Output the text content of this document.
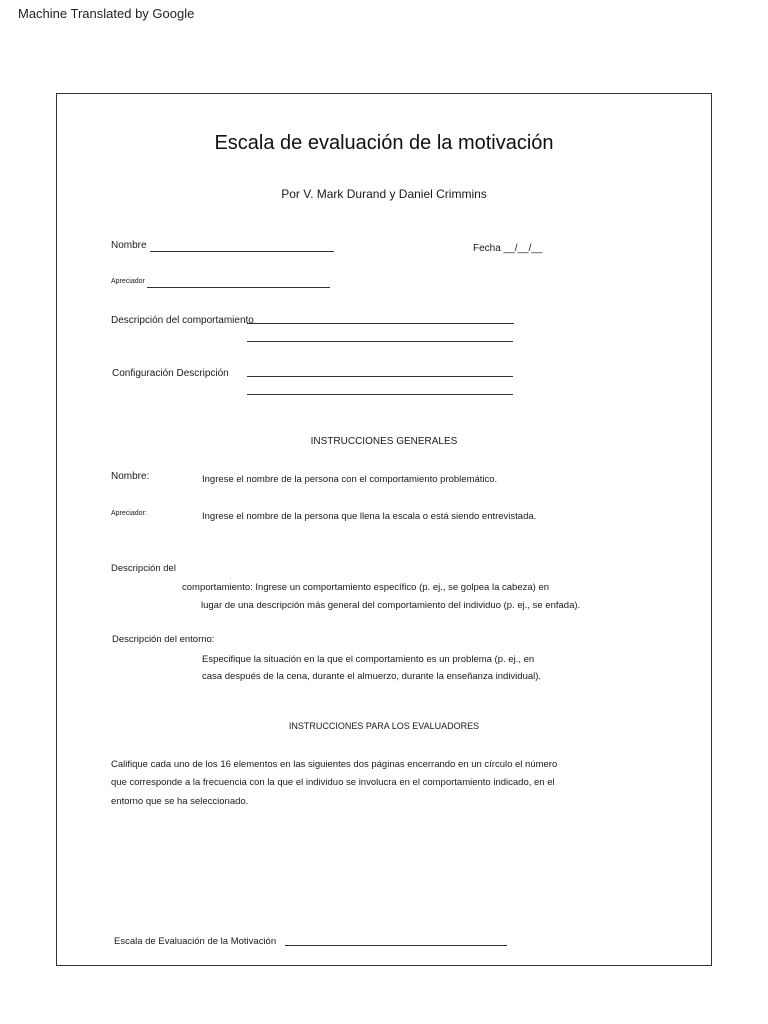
Machine Translated by Google
Escala de evaluación de la motivación
Por V. Mark Durand y Daniel Crimmins
Nombre	Fecha __/__/__
Apreciador
Descripción del comportamiento
Configuración Descripción
INSTRUCCIONES GENERALES
Nombre:	Ingrese el nombre de la persona con el comportamiento problemático.
Apreciador:	Ingrese el nombre de la persona que llena la escala o está siendo entrevistada.
Descripción del
comportamiento: Ingrese un comportamiento específico (p. ej., se golpea la cabeza) en
lugar de una descripción más general del comportamiento del individuo (p. ej., se enfada).
Descripción del entorno:
Especifique la situación en la que el comportamiento es un problema (p. ej., en
casa después de la cena, durante el almuerzo, durante la enseñanza individual).
INSTRUCCIONES PARA LOS EVALUADORES
Califique cada uno de los 16 elementos en las siguientes dos páginas encerrando en un círculo el número
que corresponde a la frecuencia con la que el individuo se involucra en el comportamiento indicado, en el
entorno que se ha seleccionado.
Escala de Evaluación de la Motivación
